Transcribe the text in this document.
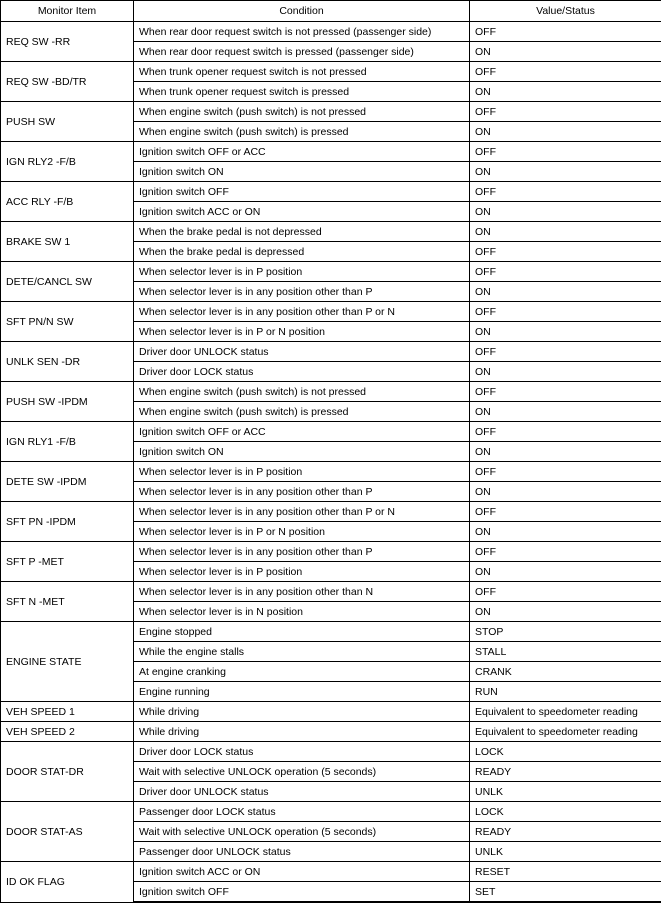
Monitor Item	Condition	Value/Status
REQ SW -RR	When rear door request switch is not pressed (passenger side)	OFF
	When rear door request switch is pressed (passenger side)	ON
REQ SW -BD/TR	When trunk opener request switch is not pressed	OFF
	When trunk opener request switch is pressed	ON
PUSH SW	When engine switch (push switch) is not pressed	OFF
	When engine switch (push switch) is pressed	ON
IGN RLY2 -F/B	Ignition switch OFF or ACC	OFF
	Ignition switch ON	ON
ACC RLY -F/B	Ignition switch OFF	OFF
	Ignition switch ACC or ON	ON
BRAKE SW 1	When the brake pedal is not depressed	ON
	When the brake pedal is depressed	OFF
DETE/CANCL SW	When selector lever is in P position	OFF
	When selector lever is in any position other than P	ON
SFT PN/N SW	When selector lever is in any position other than P or N	OFF
	When selector lever is in P or N position	ON
UNLK SEN -DR	Driver door UNLOCK status	OFF
	Driver door LOCK status	ON
PUSH SW -IPDM	When engine switch (push switch) is not pressed	OFF
	When engine switch (push switch) is pressed	ON
IGN RLY1 -F/B	Ignition switch OFF or ACC	OFF
	Ignition switch ON	ON
DETE SW -IPDM	When selector lever is in P position	OFF
	When selector lever is in any position other than P	ON
SFT PN -IPDM	When selector lever is in any position other than P or N	OFF
	When selector lever is in P or N position	ON
SFT P -MET	When selector lever is in any position other than P	OFF
	When selector lever is in P position	ON
SFT N -MET	When selector lever is in any position other than N	OFF
	When selector lever is in N position	ON
ENGINE STATE	Engine stopped	STOP
	While the engine stalls	STALL
	At engine cranking	CRANK
	Engine running	RUN
VEH SPEED 1	While driving	Equivalent to speedometer reading
VEH SPEED 2	While driving	Equivalent to speedometer reading
DOOR STAT-DR	Driver door LOCK status	LOCK
	Wait with selective UNLOCK operation (5 seconds)	READY
	Driver door UNLOCK status	UNLK
DOOR STAT-AS	Passenger door LOCK status	LOCK
	Wait with selective UNLOCK operation (5 seconds)	READY
	Passenger door UNLOCK status	UNLK
ID OK FLAG	Ignition switch ACC or ON	RESET
	Ignition switch OFF	SET
